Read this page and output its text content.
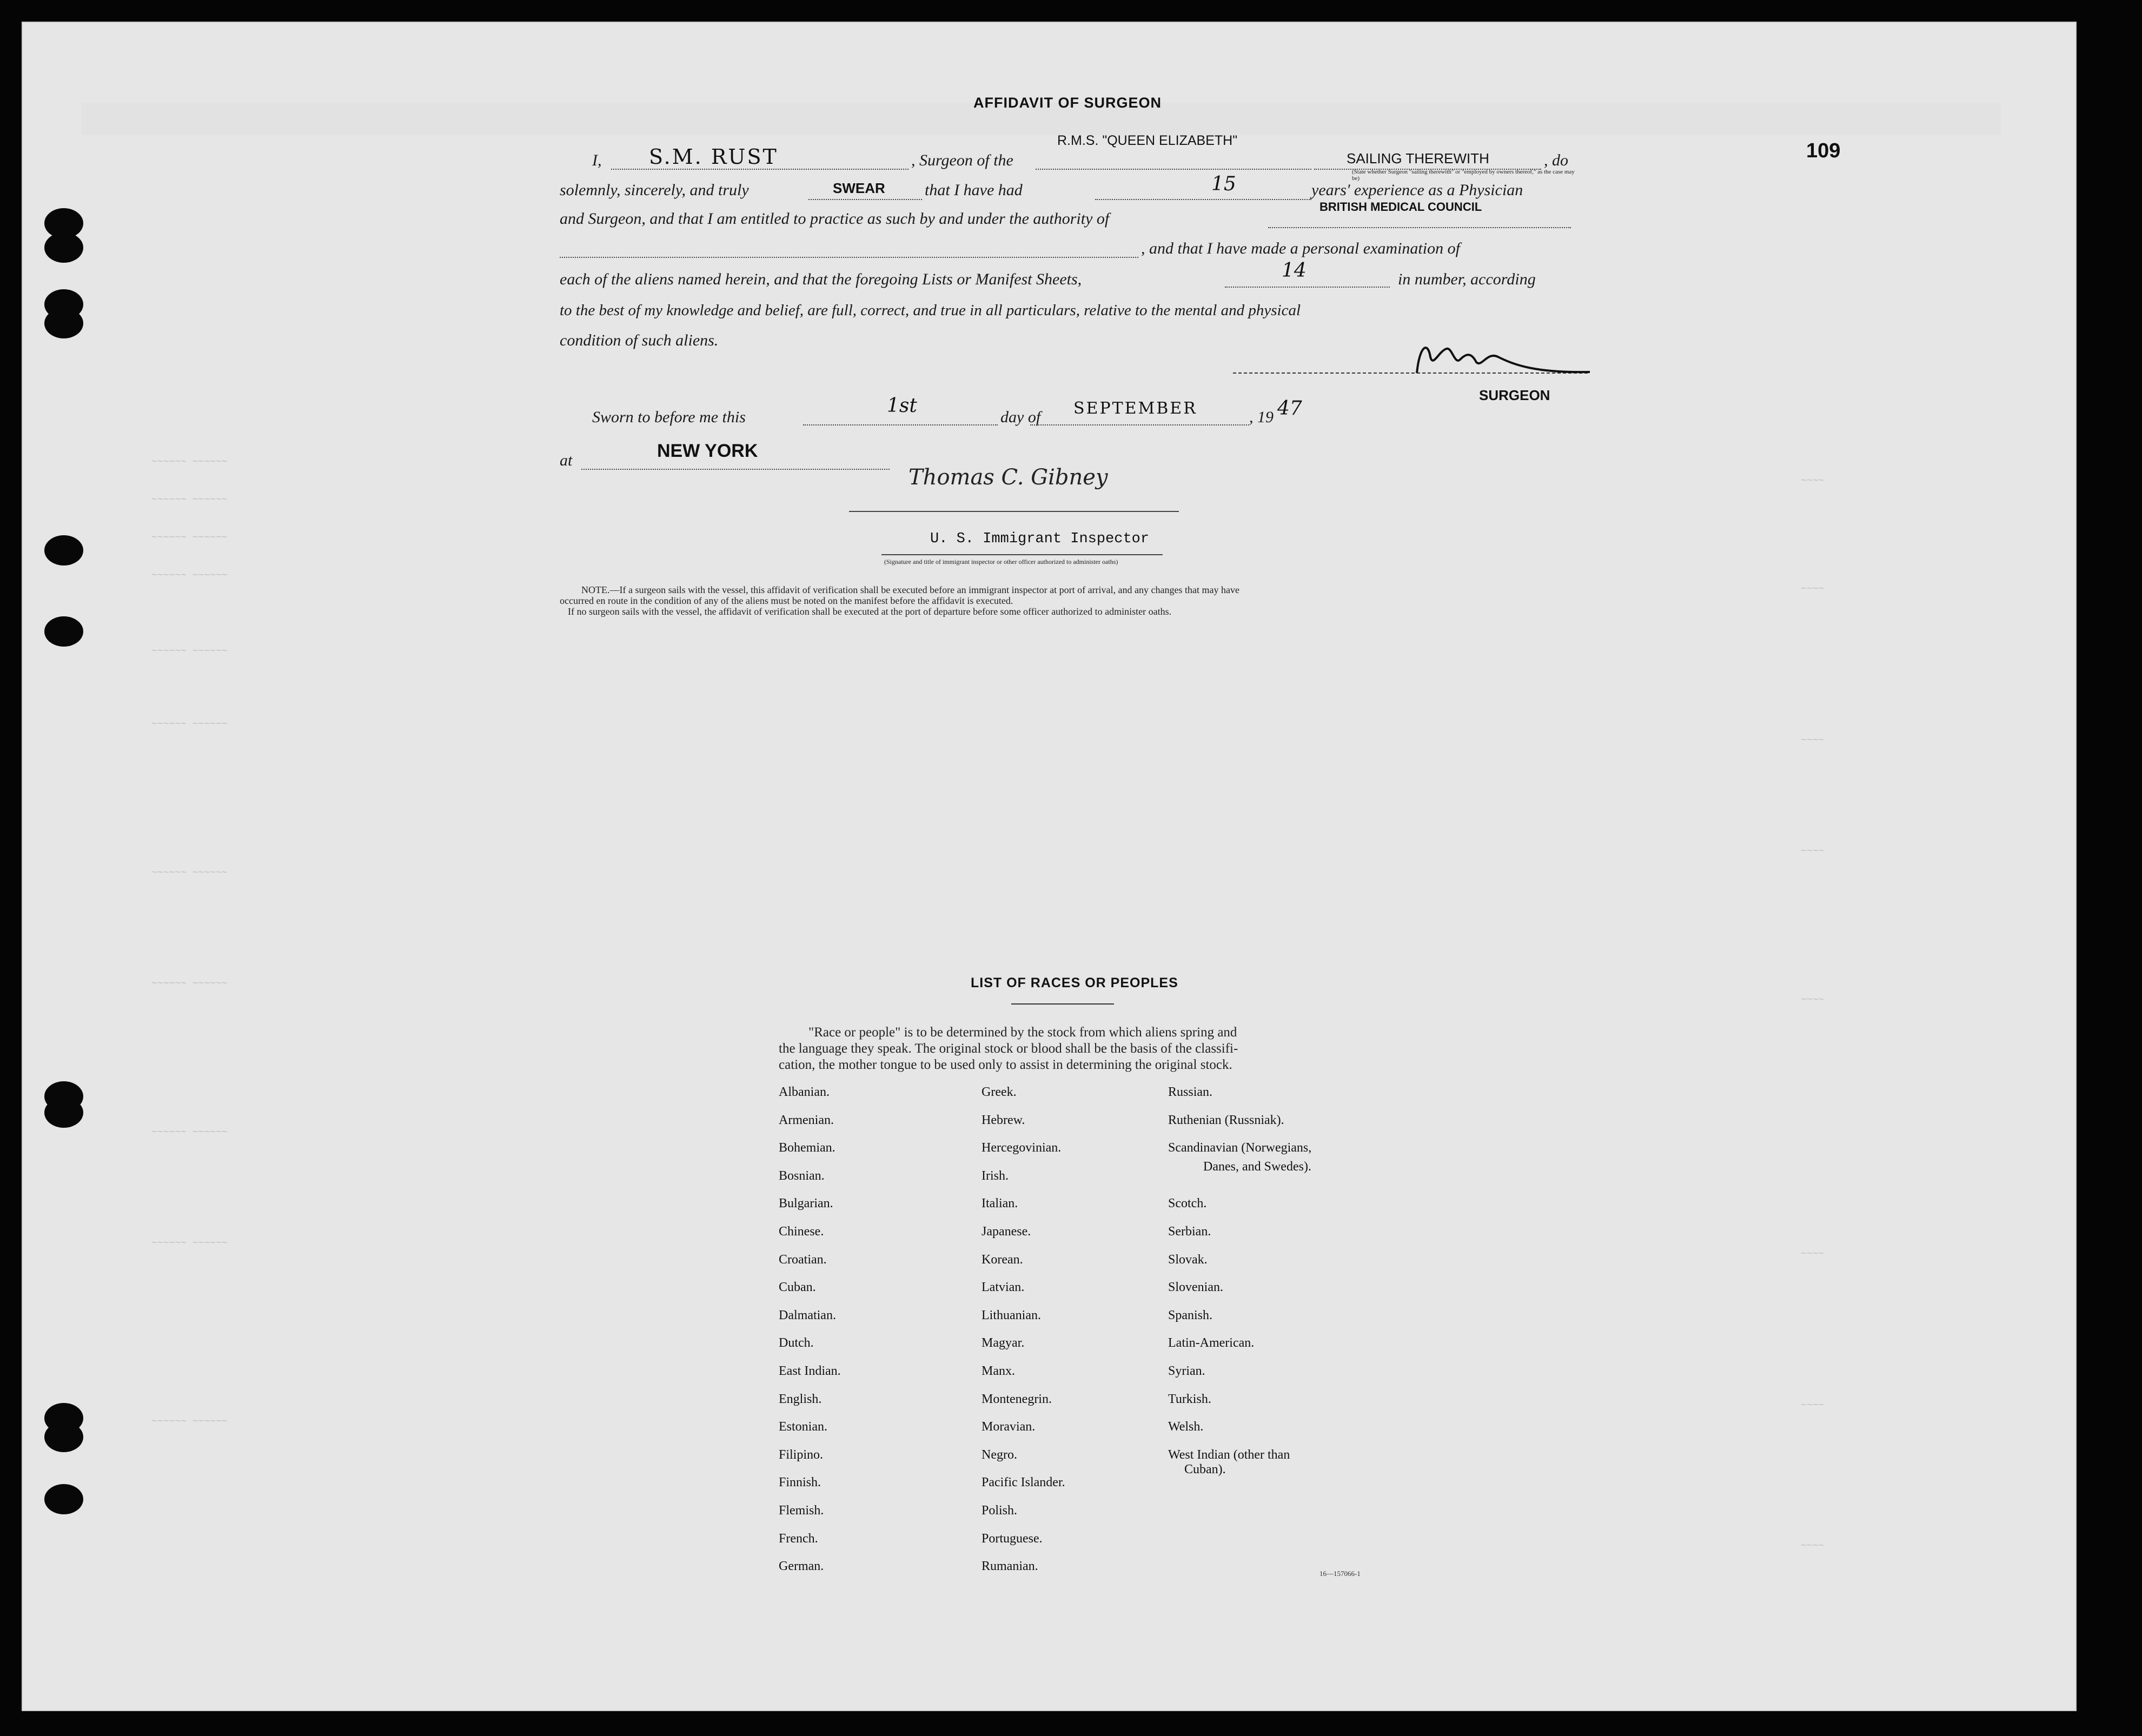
~~~~~~ ~~~~~~
~~~~~~ ~~~~~~
~~~~~~ ~~~~~~
~~~~~~ ~~~~~~
~~~~~~ ~~~~~~
~~~~~~ ~~~~~~
~~~~~~ ~~~~~~
~~~~~~ ~~~~~~
~~~~~~ ~~~~~~
~~~~~~ ~~~~~~
~~~~~~ ~~~~~~
~~~~
~~~~
~~~~
~~~~
~~~~
~~~~
~~~~
~~~~
109
AFFIDAVIT OF SURGEON
R.M.S. "QUEEN ELIZABETH"
SAILING THEREWITH
(State whether Surgeon "sailing therewith" or "employed by owners thereof," as the case may be)
I, S.M. RUST	, Surgeon of the	, do
solemnly, sincerely, and truly	SWEAR that I have had	15	years' experience as a Physician
and Surgeon, and that I am entitled to practice as such by and under the authority of
BRITISH MEDICAL COUNCIL
, and that I have made a personal examination of
each of the aliens named herein, and that the foregoing Lists or Manifest Sheets,	14	in number, according
to the best of my knowledge and belief, are full, correct, and true in all particulars, relative to the mental and physical
condition of such aliens.
SURGEON
Sworn to before me this
1st
day of SEPTEMBER	, 19 47
at	NEW YORK
Thomas C. Gibney
U. S. Immigrant Inspector
(Signature and title of immigrant inspector or other officer authorized to administer oaths)
NOTE.—If a surgeon sails with the vessel, this affidavit of verification shall be executed before an immigrant inspector at port of arrival, and any changes that may have
occurred en route in the condition of any of the aliens must be noted on the manifest before the affidavit is executed.
If no surgeon sails with the vessel, the affidavit of verification shall be executed at the port of departure before some officer authorized to administer oaths.
LIST OF RACES OR PEOPLES
"Race or people" is to be determined by the stock from which aliens spring and
the language they speak. The original stock or blood shall be the basis of the classifi-
cation, the mother tongue to be used only to assist in determining the original stock.
Albanian.
Armenian.
Bohemian.
Bosnian.
Bulgarian.
Chinese.
Croatian.
Cuban.
Dalmatian.
Dutch.
East Indian.
English.
Estonian.
Filipino.
Finnish.
Flemish.
French.
German.
Greek.
Hebrew.
Hercegovinian.
Irish.
Italian.
Japanese.
Korean.
Latvian.
Lithuanian.
Magyar.
Manx.
Montenegrin.
Moravian.
Negro.
Pacific Islander.
Polish.
Portuguese.
Rumanian.
Russian.
Ruthenian (Russniak).
Scandinavian (Norwegians,
Scotch.
Serbian.
Slovak.
Slovenian.
Spanish.
Latin-American.
Syrian.
Turkish.
Welsh.
West Indian (other than
Danes, and Swedes).
Cuban).
16—157066-1
